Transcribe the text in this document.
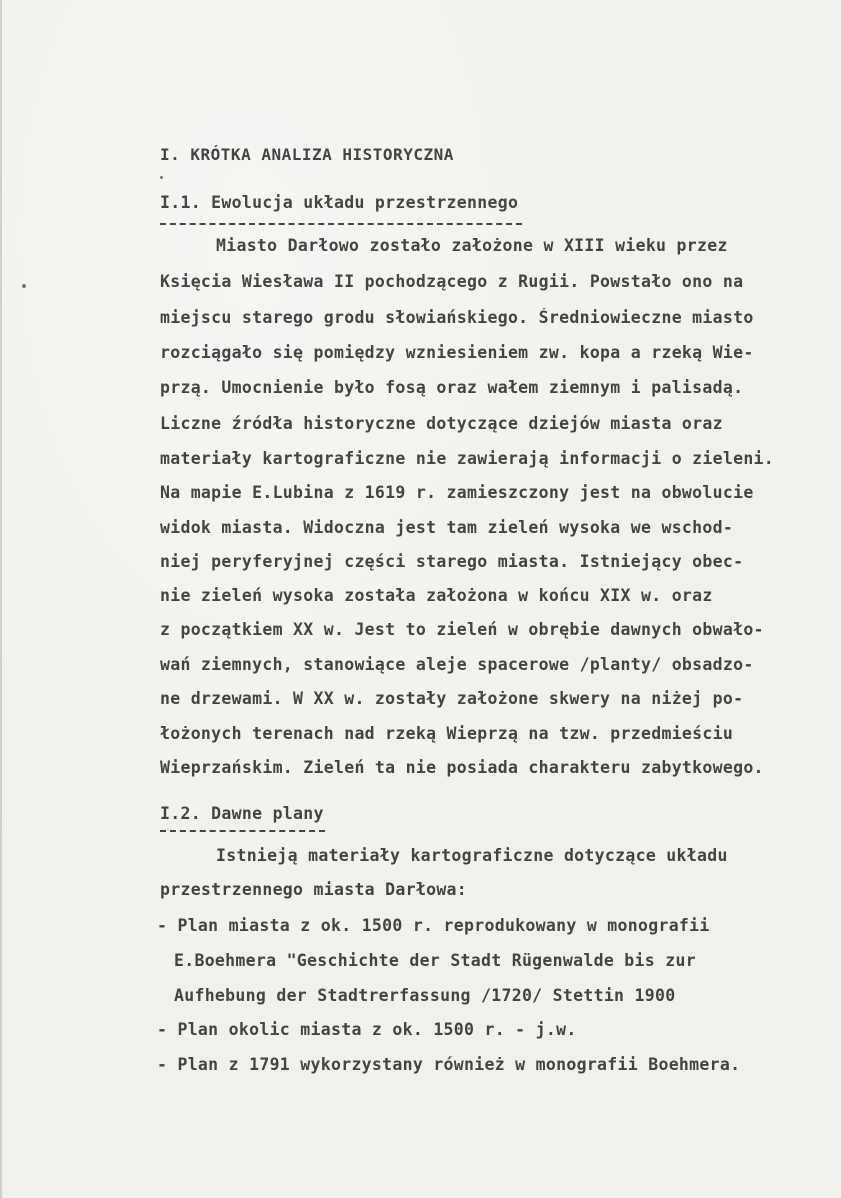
I. KRÓTKA ANALIZA HISTORYCZNA
I.1. Ewolucja układu przestrzennego
Miasto Darłowo zostało założone w XIII wieku przez
Księcia Wiesława II pochodzącego z Rugii. Powstało ono na
miejscu starego grodu słowiańskiego. Średniowieczne miasto
rozciągało się pomiędzy wzniesieniem zw. kopa a rzeką Wie-
przą. Umocnienie było fosą oraz wałem ziemnym i palisadą.
Liczne źródła historyczne dotyczące dziejów miasta oraz
materiały kartograficzne nie zawierają informacji o zieleni.
Na mapie E.Lubina z 1619 r. zamieszczony jest na obwolucie
widok miasta. Widoczna jest tam zieleń wysoka we wschod-
niej peryferyjnej części starego miasta. Istniejący obec-
nie zieleń wysoka została założona w końcu XIX w. oraz
z początkiem XX w. Jest to zieleń w obrębie dawnych obwało-
wań ziemnych, stanowiące aleje spacerowe /planty/ obsadzo-
ne drzewami. W XX w. zostały założone skwery na niżej po-
łożonych terenach nad rzeką Wieprzą na tzw. przedmieściu
Wieprzańskim. Zieleń ta nie posiada charakteru zabytkowego.
I.2. Dawne plany
Istnieją materiały kartograficzne dotyczące układu
przestrzennego miasta Darłowa:
- Plan miasta z ok. 1500 r. reprodukowany w monografii
E.Boehmera "Geschichte der Stadt Rügenwalde bis zur
Aufhebung der Stadtrerfassung /1720/ Stettin 1900
- Plan okolic miasta z ok. 1500 r. - j.w.
- Plan z 1791 wykorzystany również w monografii Boehmera.
